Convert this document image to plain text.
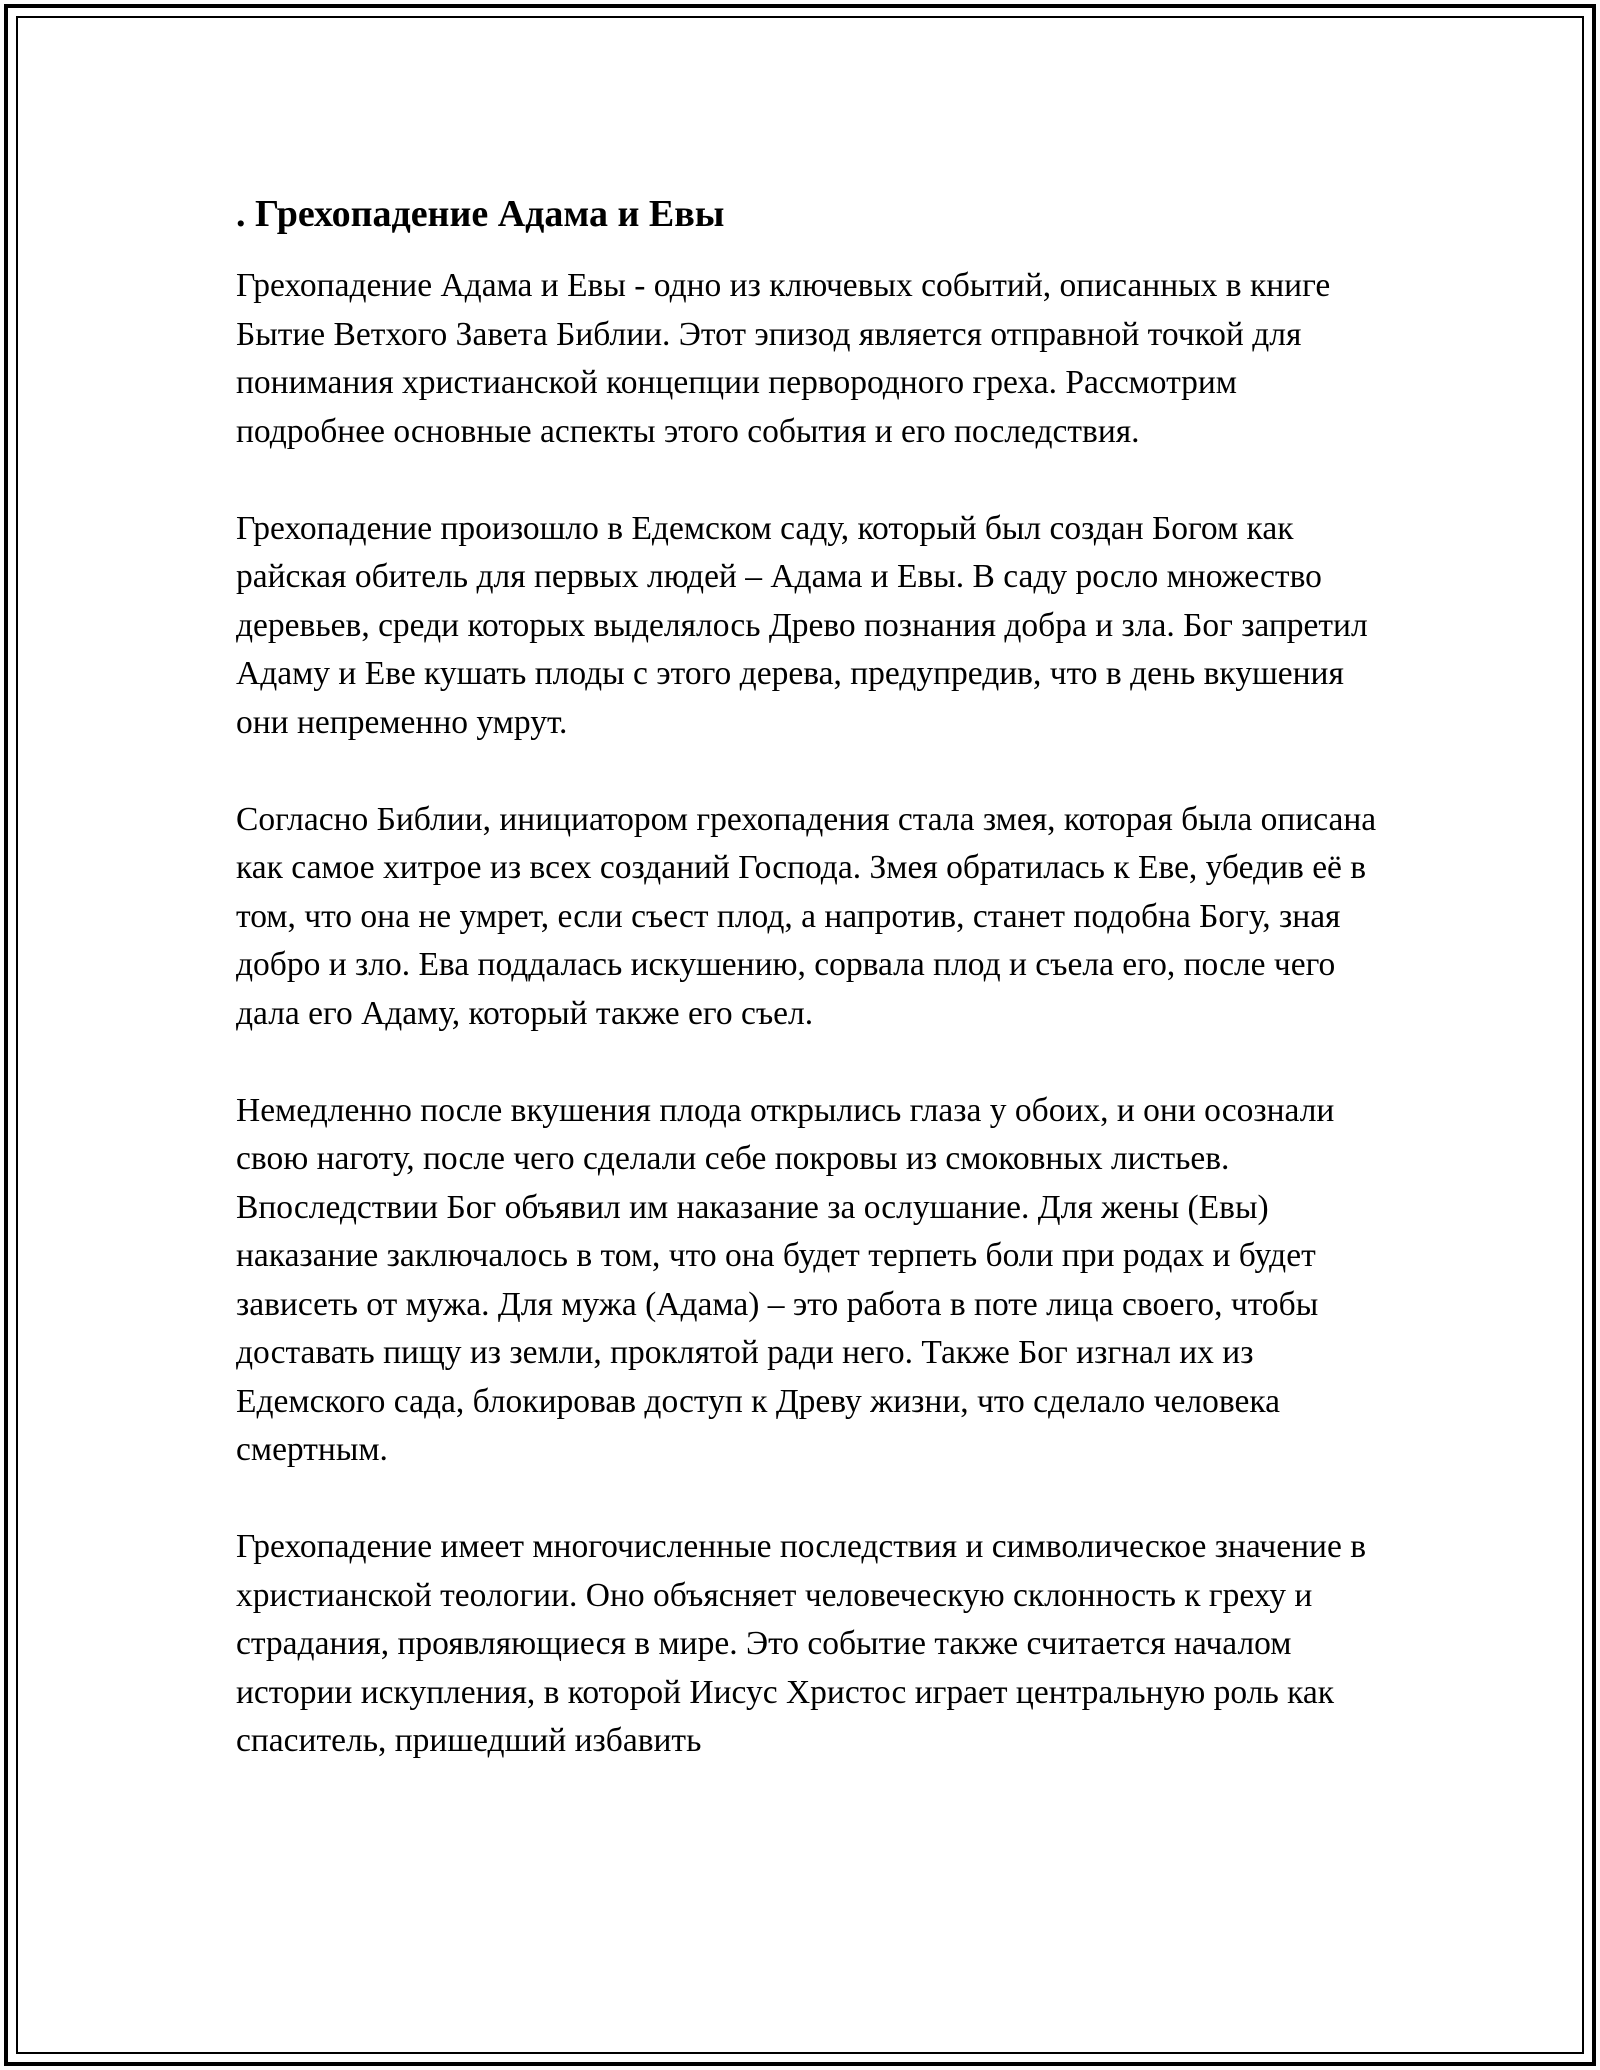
. Грехопадение Адама и Евы

Грехопадение Адама и Евы - одно из ключевых событий, описанных в книге Бытие Ветхого Завета Библии. Этот эпизод является отправной точкой для понимания христианской концепции первородного греха. Рассмотрим подробнее основные аспекты этого события и его последствия.

Грехопадение произошло в Едемском саду, который был создан Богом как райская обитель для первых людей – Адама и Евы. В саду росло множество деревьев, среди которых выделялось Древо познания добра и зла. Бог запретил Адаму и Еве кушать плоды с этого дерева, предупредив, что в день вкушения они непременно умрут.

Согласно Библии, инициатором грехопадения стала змея, которая была описана как самое хитрое из всех созданий Господа. Змея обратилась к Еве, убедив её в том, что она не умрет, если съест плод, а напротив, станет подобна Богу, зная добро и зло. Ева поддалась искушению, сорвала плод и съела его, после чего дала его Адаму, который также его съел.

Немедленно после вкушения плода открылись глаза у обоих, и они осознали свою наготу, после чего сделали себе покровы из смоковных листьев. Впоследствии Бог объявил им наказание за ослушание. Для жены (Евы) наказание заключалось в том, что она будет терпеть боли при родах и будет зависеть от мужа. Для мужа (Адама) – это работа в поте лица своего, чтобы доставать пищу из земли, проклятой ради него. Также Бог изгнал их из Едемского сада, блокировав доступ к Древу жизни, что сделало человека смертным.

Грехопадение имеет многочисленные последствия и символическое значение в христианской теологии. Оно объясняет человеческую склонность к греху и страдания, проявляющиеся в мире. Это событие также считается началом истории искупления, в которой Иисус Христос играет центральную роль как спаситель, пришедший избавить
